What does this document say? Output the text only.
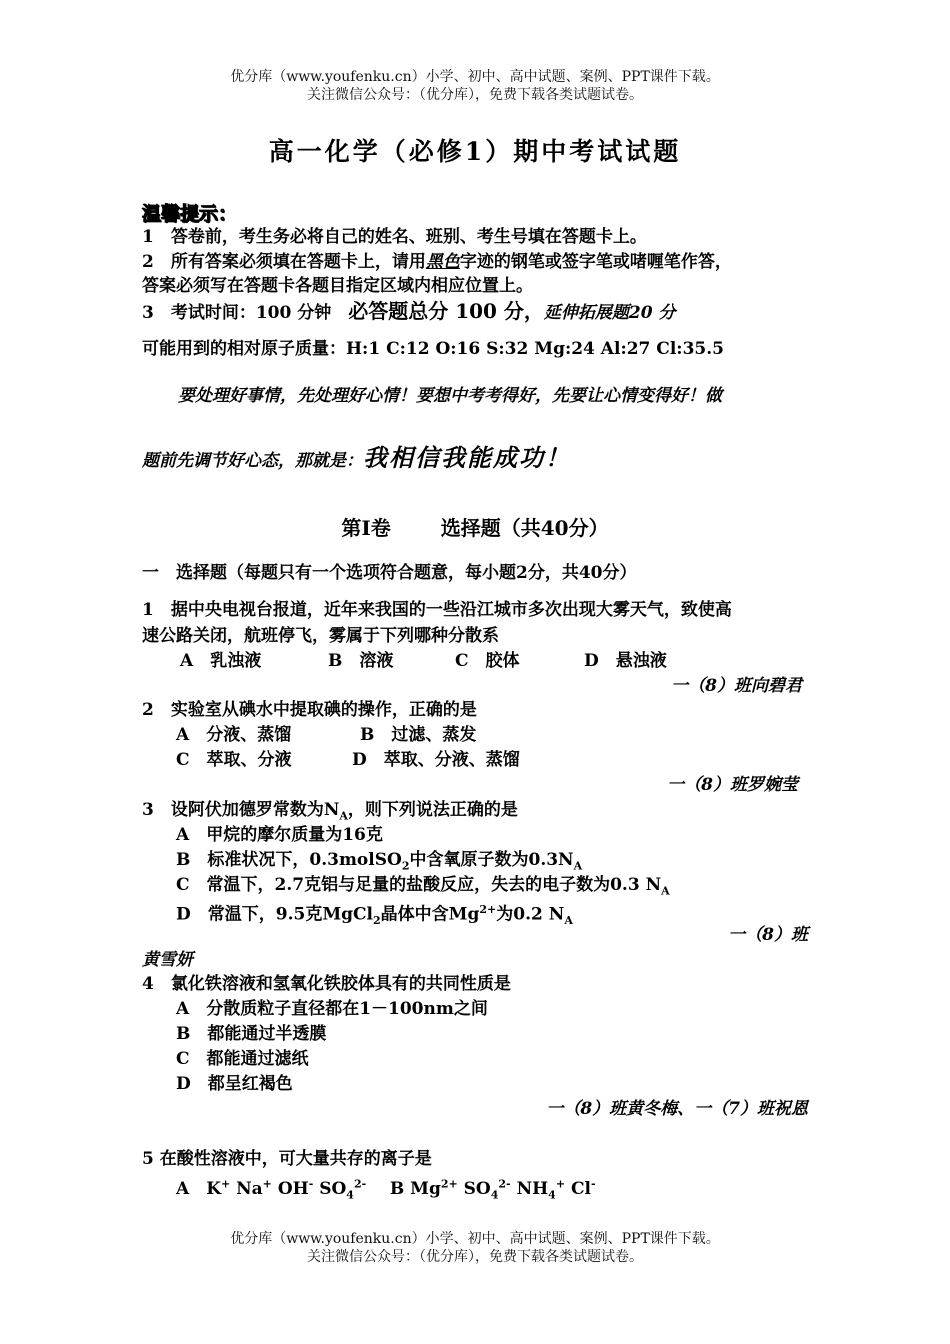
优分库（www.youfenku.cn）小学、初中、高中试题、案例、PPT课件下载。
关注微信公众号：（优分库），免费下载各类试题试卷。
高一化学（必修1）期中考试试题
温馨提示：
1　答卷前，考生务必将自己的姓名、班别、考生号填在答题卡上。
2　所有答案必须填在答题卡上，请用黑色字迹的钢笔或签字笔或啫喱笔作答，
答案必须写在答题卡各题目指定区域内相应位置上。
3　考试时间：100 分钟　必答题总分 100 分，延伸拓展题20 分
可能用到的相对原子质量：H:1 C:12 O:16 S:32 Mg:24 Al:27 Cl:35.5
要处理好事情，先处理好心情！要想中考考得好，先要让心情变得好！做
题前先调节好心态，那就是：我相信我能成功！
第Ⅰ卷	选择题（共40分）
一　选择题（每题只有一个选项符合题意，每小题2分，共40分）
1　据中央电视台报道，近年来我国的一些沿江城市多次出现大雾天气，致使高
速公路关闭，航班停飞，雾属于下列哪种分散系
A　乳浊液	B　溶液	C　胶体	D　悬浊液
一（8）班向碧君
2　实验室从碘水中提取碘的操作，正确的是
A　分液、蒸馏	B　过滤、蒸发
C　萃取、分液	D　萃取、分液、蒸馏
一（8）班罗婉莹
3　设阿伏加德罗常数为$N_A$，则下列说法正确的是
A　甲烷的摩尔质量为16克
B　标准状况下，0.3molSO$_2$中含氧原子数为$0.3N_A$
C　常温下，2.7克铝与足量的盐酸反应，失去的电子数为0.3 $N_A$
D　常温下，9.5克MgCl$_2$晶体中含$Mg^{2+}$为0.2 $N_A$
一（8）班
黄雪妍
4　氯化铁溶液和氢氧化铁胶体具有的共同性质是
A　分散质粒子直径都在1－100nm之间
B　都能通过半透膜
C　都能通过滤纸
D　都呈红褐色
一（8）班黄冬梅、一（7）班祝恩
5 在酸性溶液中，可大量共存的离子是
A　K+ Na+ OH- $SO_4^{2-}$ B $Mg^{2+}$ $SO_4^{2-}$ $NH_4^+$ Cl-
优分库（www.youfenku.cn）小学、初中、高中试题、案例、PPT课件下载。
关注微信公众号：（优分库），免费下载各类试题试卷。
